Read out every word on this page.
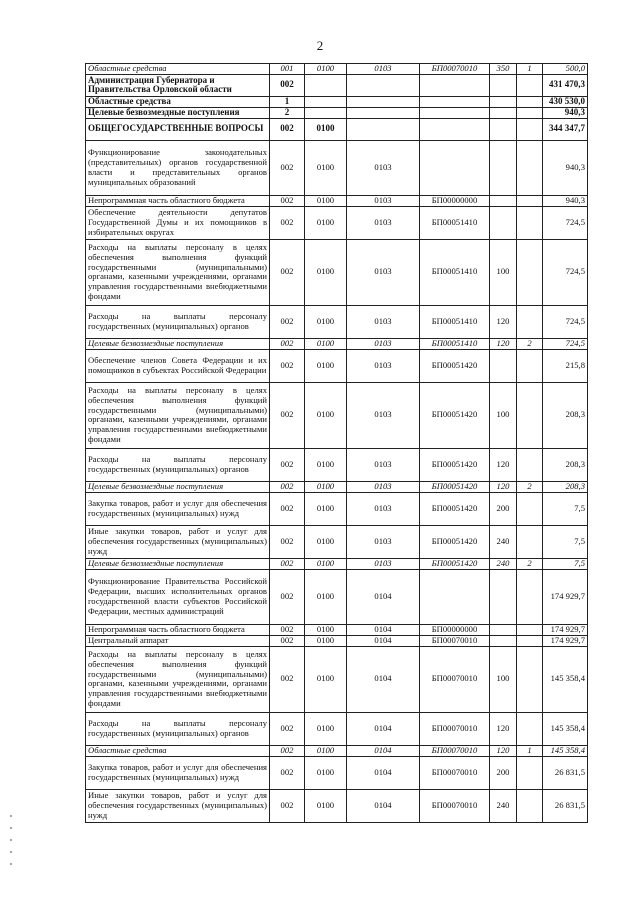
2
Областные средства	001	0100	0103	БП00070010	350	1	500,0
Администрация Губернатора и Правительства Орловской области	002						431 470,3
Областные средства	1						430 530,0
Целевые безвозмездные поступления	2						940,3
ОБЩЕГОСУДАРСТВЕННЫЕ ВОПРОСЫ	002	0100					344 347,7
Функционирование законодательных (представительных) органов государственной власти и представительных органов муниципальных образований	002	0100	0103				940,3
Непрограммная часть областного бюджета	002	0100	0103	БП00000000			940,3
Обеспечение деятельности депутатов Государственной Думы и их помощников в избирательных округах	002	0100	0103	БП00051410			724,5
Расходы на выплаты персоналу в целях обеспечения выполнения функций государственными (муниципальными) органами, казенными учреждениями, органами управления государственными внебюджетными фондами	002	0100	0103	БП00051410	100		724,5
Расходы на выплаты персоналу государственных (муниципальных) органов	002	0100	0103	БП00051410	120		724,5
Целевые безвозмездные поступления	002	0100	0103	БП00051410	120	2	724,5
Обеспечение членов Совета Федерации и их помощников в субъектах Российской Федерации	002	0100	0103	БП00051420			215,8
Расходы на выплаты персоналу в целях обеспечения выполнения функций государственными (муниципальными) органами, казенными учреждениями, органами управления государственными внебюджетными фондами	002	0100	0103	БП00051420	100		208,3
Расходы на выплаты персоналу государственных (муниципальных) органов	002	0100	0103	БП00051420	120		208,3
Целевые безвозмездные поступления	002	0100	0103	БП00051420	120	2	208,3
Закупка товаров, работ и услуг для обеспечения государственных (муниципальных) нужд	002	0100	0103	БП00051420	200		7,5
Иные закупки товаров, работ и услуг для обеспечения государственных (муниципальных) нужд	002	0100	0103	БП00051420	240		7,5
Целевые безвозмездные поступления	002	0100	0103	БП00051420	240	2	7,5
Функционирование Правительства Российской Федерации, высших исполнительных органов государственной власти субъектов Российской Федерации, местных администраций	002	0100	0104				174 929,7
Непрограммная часть областного бюджета	002	0100	0104	БП00000000			174 929,7
Центральный аппарат	002	0100	0104	БП00070010			174 929,7
Расходы на выплаты персоналу в целях обеспечения выполнения функций государственными (муниципальными) органами, казенными учреждениями, органами управления государственными внебюджетными фондами	002	0100	0104	БП00070010	100		145 358,4
Расходы на выплаты персоналу государственных (муниципальных) органов	002	0100	0104	БП00070010	120		145 358,4
Областные средства	002	0100	0104	БП00070010	120	1	145 358,4
Закупка товаров, работ и услуг для обеспечения государственных (муниципальных) нужд	002	0100	0104	БП00070010	200		26 831,5
Иные закупки товаров, работ и услуг для обеспечения государственных (муниципальных) нужд	002	0100	0104	БП00070010	240		26 831,5
